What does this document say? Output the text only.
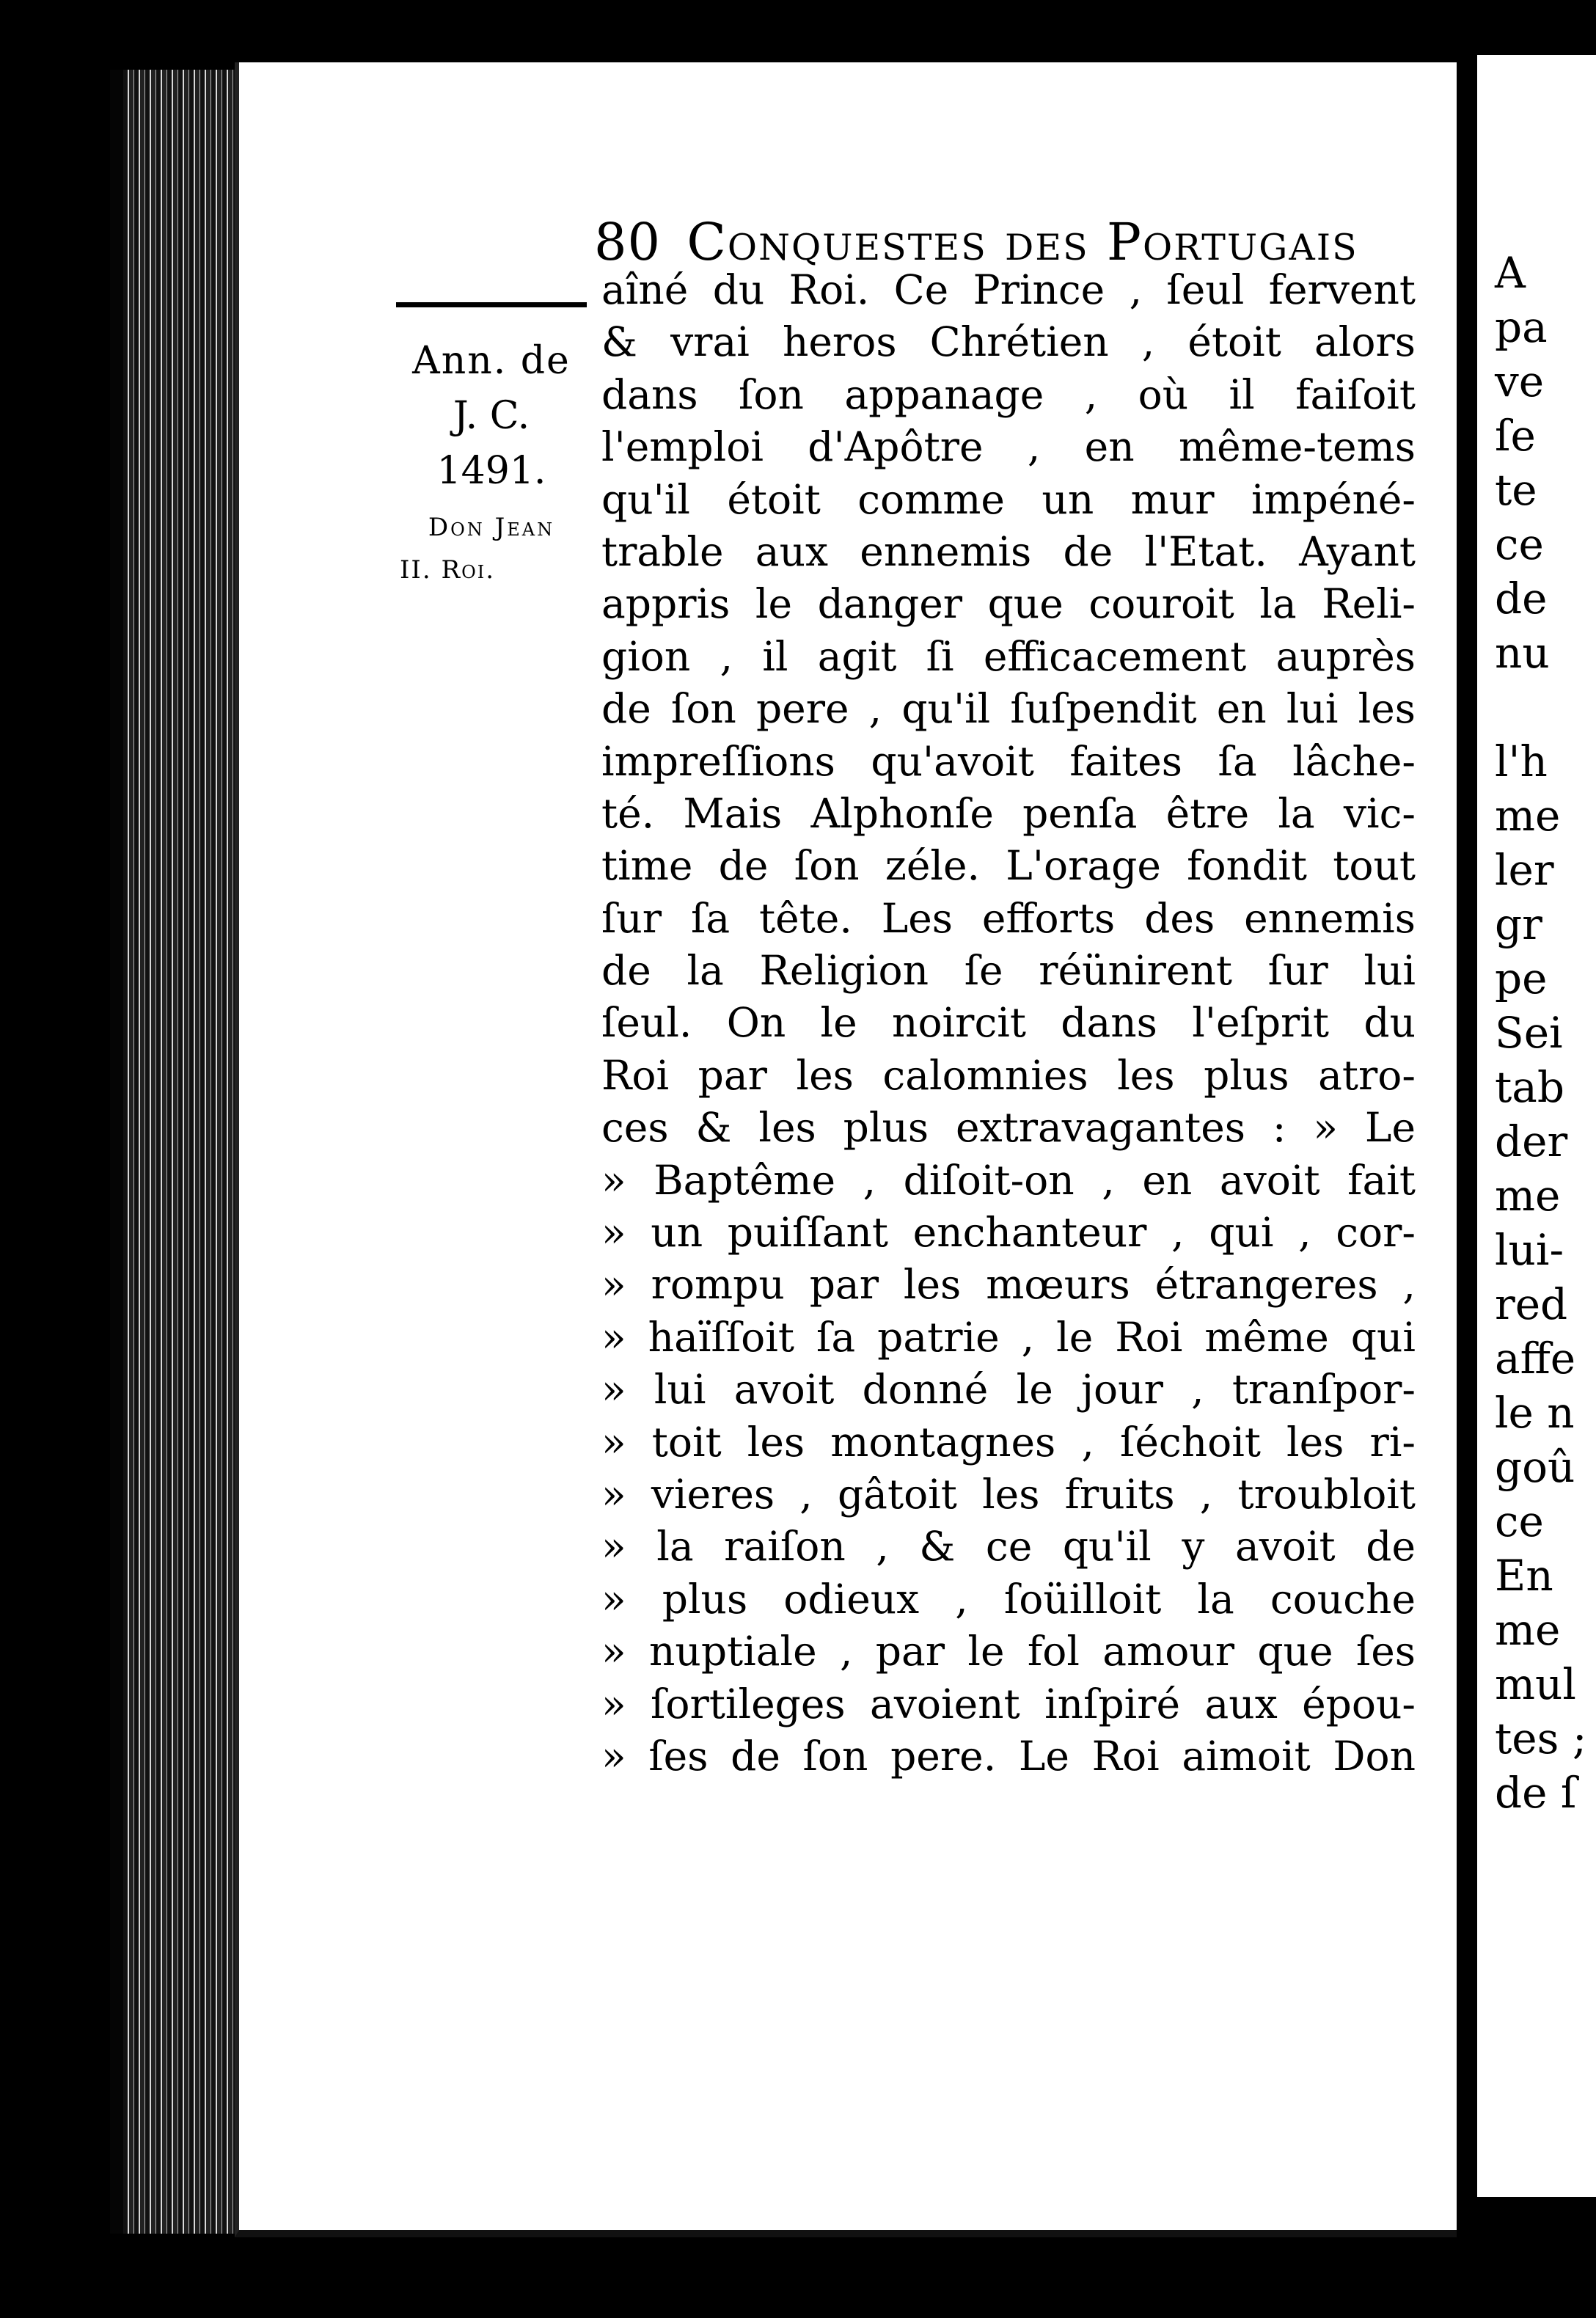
A
pa
ve
ſe
te
ce
de
nu
l'h
me
ler
gr
pe
Sei
tab
der
me
lui-
red
affe
le n
goû
ce
En
me
mul
tes ;
de ſ
80 Conquestes des Portugais
Ann. de
J. C.
1491.
Don Jean
II. Roi.
aîné du Roi. Ce Prince , ſeul fervent
& vrai heros Chrétien , étoit alors
dans ſon appanage , où il faiſoit
l'emploi d'Apôtre , en même-tems
qu'il étoit comme un mur impéné-
trable aux ennemis de l'Etat. Ayant
appris le danger que couroit la Reli-
gion , il agit ſi efficacement auprès
de ſon pere , qu'il ſuſpendit en lui les
impreſſions qu'avoit faites ſa lâche-
té. Mais Alphonſe penſa être la vic-
time de ſon zéle. L'orage fondit tout
ſur ſa tête. Les efforts des ennemis
de la Religion ſe réünirent ſur lui
ſeul. On le noircit dans l'eſprit du
Roi par les calomnies les plus atro-
ces & les plus extravagantes : » Le
» Baptême , diſoit-on , en avoit fait
» un puiſſant enchanteur , qui , cor-
» rompu par les mœurs étrangeres ,
» haïſſoit ſa patrie , le Roi même qui
» lui avoit donné le jour , tranſpor-
» toit les montagnes , ſéchoit les ri-
» vieres , gâtoit les fruits , troubloit
» la raiſon , & ce qu'il y avoit de
» plus odieux , ſoüilloit la couche
» nuptiale , par le fol amour que ſes
» ſortileges avoient inſpiré aux épou-
» ſes de ſon pere. Le Roi aimoit Don
